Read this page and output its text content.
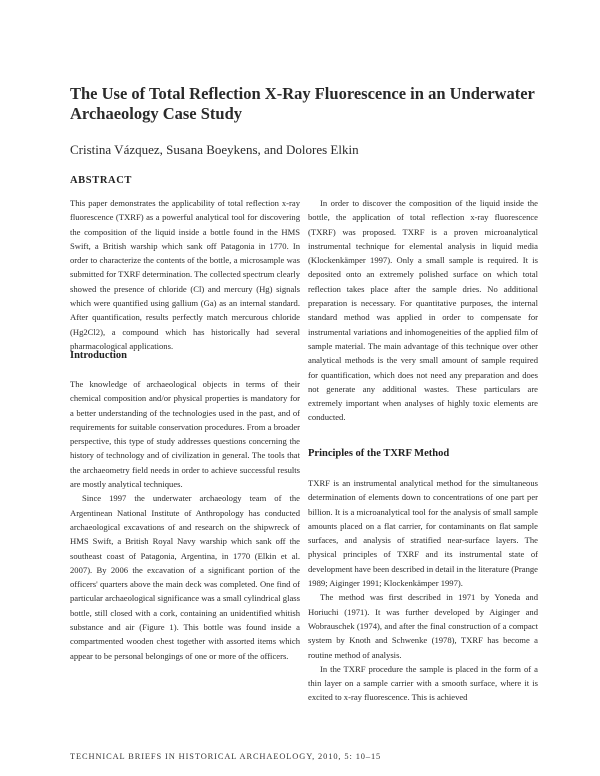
The Use of Total Reflection X-Ray Fluorescence in an Underwater Archaeology Case Study
Cristina Vázquez, Susana Boeykens, and Dolores Elkin
ABSTRACT

This paper demonstrates the applicability of total reflection x-ray fluorescence (TXRF) as a powerful analytical tool for discovering the composition of the liquid inside a bottle found in the HMS Swift, a British warship which sank off Patagonia in 1770. In order to characterize the contents of the bottle, a microsample was submitted for TXRF determination. The collected spectrum clearly showed the presence of chloride (Cl) and mercury (Hg) signals which were quantified using gallium (Ga) as an internal standard. After quantification, results perfectly match mercurous chloride (Hg2Cl2), a compound which has historically had several pharmacological applications.

Introduction

The knowledge of archaeological objects in terms of their chemical composition and/or physical properties is mandatory for a better understanding of the technologies used in the past, and of requirements for suitable conservation procedures. From a broader perspective, this type of study addresses questions concerning the history of technology and of civilization in general. The tools that the archaeometry field needs in order to achieve successful results are mostly analytical techniques.

Since 1997 the underwater archaeology team of the Argentinean National Institute of Anthropology has conducted archaeological excavations of and research on the shipwreck of HMS Swift, a British Royal Navy warship which sank off the southeast coast of Patagonia, Argentina, in 1770 (Elkin et al. 2007). By 2006 the excavation of a significant portion of the officers' quarters above the main deck was completed. One find of particular archaeological significance was a small cylindrical glass bottle, still closed with a cork, containing an unidentified whitish substance and air (Figure 1). This bottle was found inside a compartmented wooden chest together with assorted items which appear to be personal belongings of one or more of the officers.

In order to discover the composition of the liquid inside the bottle, the application of total reflection x-ray fluorescence (TXRF) was proposed. TXRF is a proven microanalytical instrumental technique for elemental analysis in liquid media (Klockenkämper 1997). Only a small sample is required. It is deposited onto an extremely polished surface on which total reflection takes place after the sample dries. No additional preparation is necessary. For quantitative purposes, the internal standard method was applied in order to compensate for instrumental variations and inhomogeneities of the applied film of sample material. The main advantage of this technique over other analytical methods is the very small amount of sample required for quantification, which does not need any preparation and does not generate any additional wastes. These particulars are extremely important when analyses of highly toxic elements are conducted.

Principles of the TXRF Method

TXRF is an instrumental analytical method for the simultaneous determination of elements down to concentrations of one part per billion. It is a microanalytical tool for the analysis of small sample amounts placed on a flat carrier, for contaminants on flat sample surfaces, and analysis of stratified near-surface layers. The physical principles of TXRF and its instrumental state of development have been described in detail in the literature (Prange 1989; Aiginger 1991; Klockenkämper 1997).

The method was first described in 1971 by Yoneda and Horiuchi (1971). It was further developed by Aiginger and Wobrauschek (1974), and after the final construction of a compact system by Knoth and Schwenke (1978), TXRF has become a routine method of analysis.

In the TXRF procedure the sample is placed in the form of a thin layer on a sample carrier with a smooth surface, where it is excited to x-ray fluorescence. This is achieved

TECHNICAL BRIEFS IN HISTORICAL ARCHAEOLOGY, 2010, 5: 10–15
